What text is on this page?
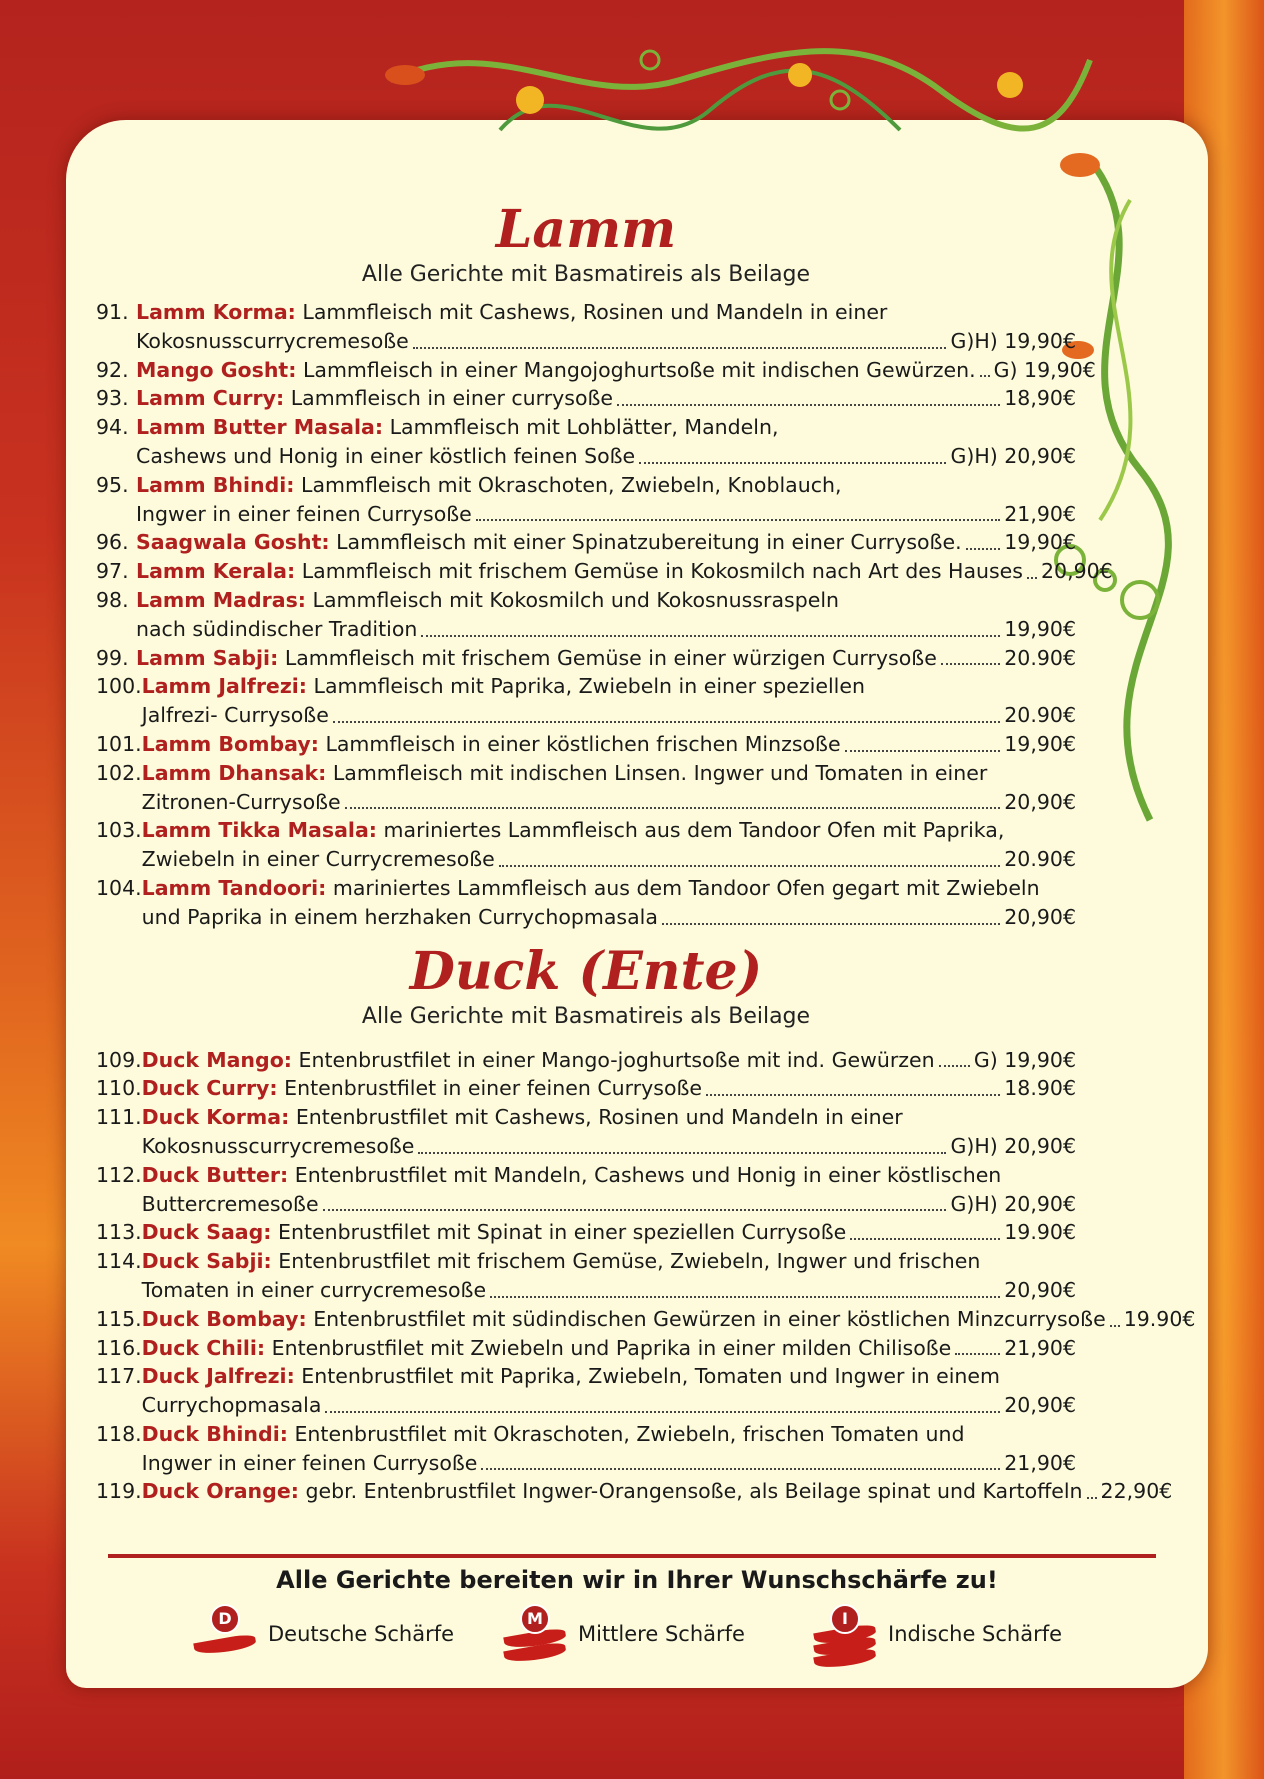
Lamm
Alle Gerichte mit Basmatireis als Beilage
91. Lamm Korma: Lammfleisch mit Cashews, Rosinen und Mandeln in einer
Kokosnusscurrycremesoße	G)H) 19,90€
92. Mango Gosht: Lammfleisch in einer Mangojoghurtsoße mit indischen Gewürzen. G) 19,90€
93. Lamm Curry: Lammfleisch in einer currysoße	18,90€
94. Lamm Butter Masala: Lammfleisch mit Lohblätter, Mandeln,
Cashews und Honig in einer köstlich feinen Soße	G)H) 20,90€
95. Lamm Bhindi: Lammfleisch mit Okraschoten, Zwiebeln, Knoblauch,
Ingwer in einer feinen Currysoße	21,90€
96. Saagwala Gosht: Lammfleisch mit einer Spinatzubereitung in einer Currysoße. 19,90€
97. Lamm Kerala: Lammfleisch mit frischem Gemüse in Kokosmilch nach Art des Hauses 20,90€
98. Lamm Madras: Lammfleisch mit Kokosmilch und Kokosnussraspeln
nach südindischer Tradition	19,90€
99. Lamm Sabji: Lammfleisch mit frischem Gemüse in einer würzigen Currysoße	20.90€
100. Lamm Jalfrezi: Lammfleisch mit Paprika, Zwiebeln in einer speziellen
Jalfrezi- Currysoße	20.90€
101. Lamm Bombay: Lammfleisch in einer köstlichen frischen Minzsoße	19,90€
102. Lamm Dhansak: Lammfleisch mit indischen Linsen. Ingwer und Tomaten in einer
Zitronen-Currysoße	20,90€
103. Lamm Tikka Masala: mariniertes Lammfleisch aus dem Tandoor Ofen mit Paprika,
Zwiebeln in einer Currycremesoße	20.90€
104. Lamm Tandoori: mariniertes Lammfleisch aus dem Tandoor Ofen gegart mit Zwiebeln
und Paprika in einem herzhaken Currychopmasala	20,90€
Duck (Ente)
Alle Gerichte mit Basmatireis als Beilage
109. Duck Mango: Entenbrustfilet in einer Mango-joghurtsoße mit ind. Gewürzen G) 19,90€
110. Duck Curry: Entenbrustfilet in einer feinen Currysoße	18.90€
111. Duck Korma: Entenbrustfilet mit Cashews, Rosinen und Mandeln in einer
Kokosnusscurrycremesoße	G)H) 20,90€
112. Duck Butter: Entenbrustfilet mit Mandeln, Cashews und Honig in einer köstlischen
Buttercremesoße	G)H) 20,90€
113. Duck Saag: Entenbrustfilet mit Spinat in einer speziellen Currysoße	19.90€
114. Duck Sabji: Entenbrustfilet mit frischem Gemüse, Zwiebeln, Ingwer und frischen
Tomaten in einer currycremesoße	20,90€
115. Duck Bombay: Entenbrustfilet mit südindischen Gewürzen in einer köstlichen Minzcurrysoße 19.90€
116. Duck Chili: Entenbrustfilet mit Zwiebeln und Paprika in einer milden Chilisoße	21,90€
117. Duck Jalfrezi: Entenbrustfilet mit Paprika, Zwiebeln, Tomaten und Ingwer in einem
Currychopmasala	20,90€
118. Duck Bhindi: Entenbrustfilet mit Okraschoten, Zwiebeln, frischen Tomaten und
Ingwer in einer feinen Currysoße	21,90€
119. Duck Orange: gebr. Entenbrustfilet Ingwer-Orangensoße, als Beilage spinat und Kartoffeln 22,90€
Alle Gerichte bereiten wir in Ihrer Wunschschärfe zu!
D
Deutsche Schärfe
M
Mittlere Schärfe
I
Indische Schärfe
